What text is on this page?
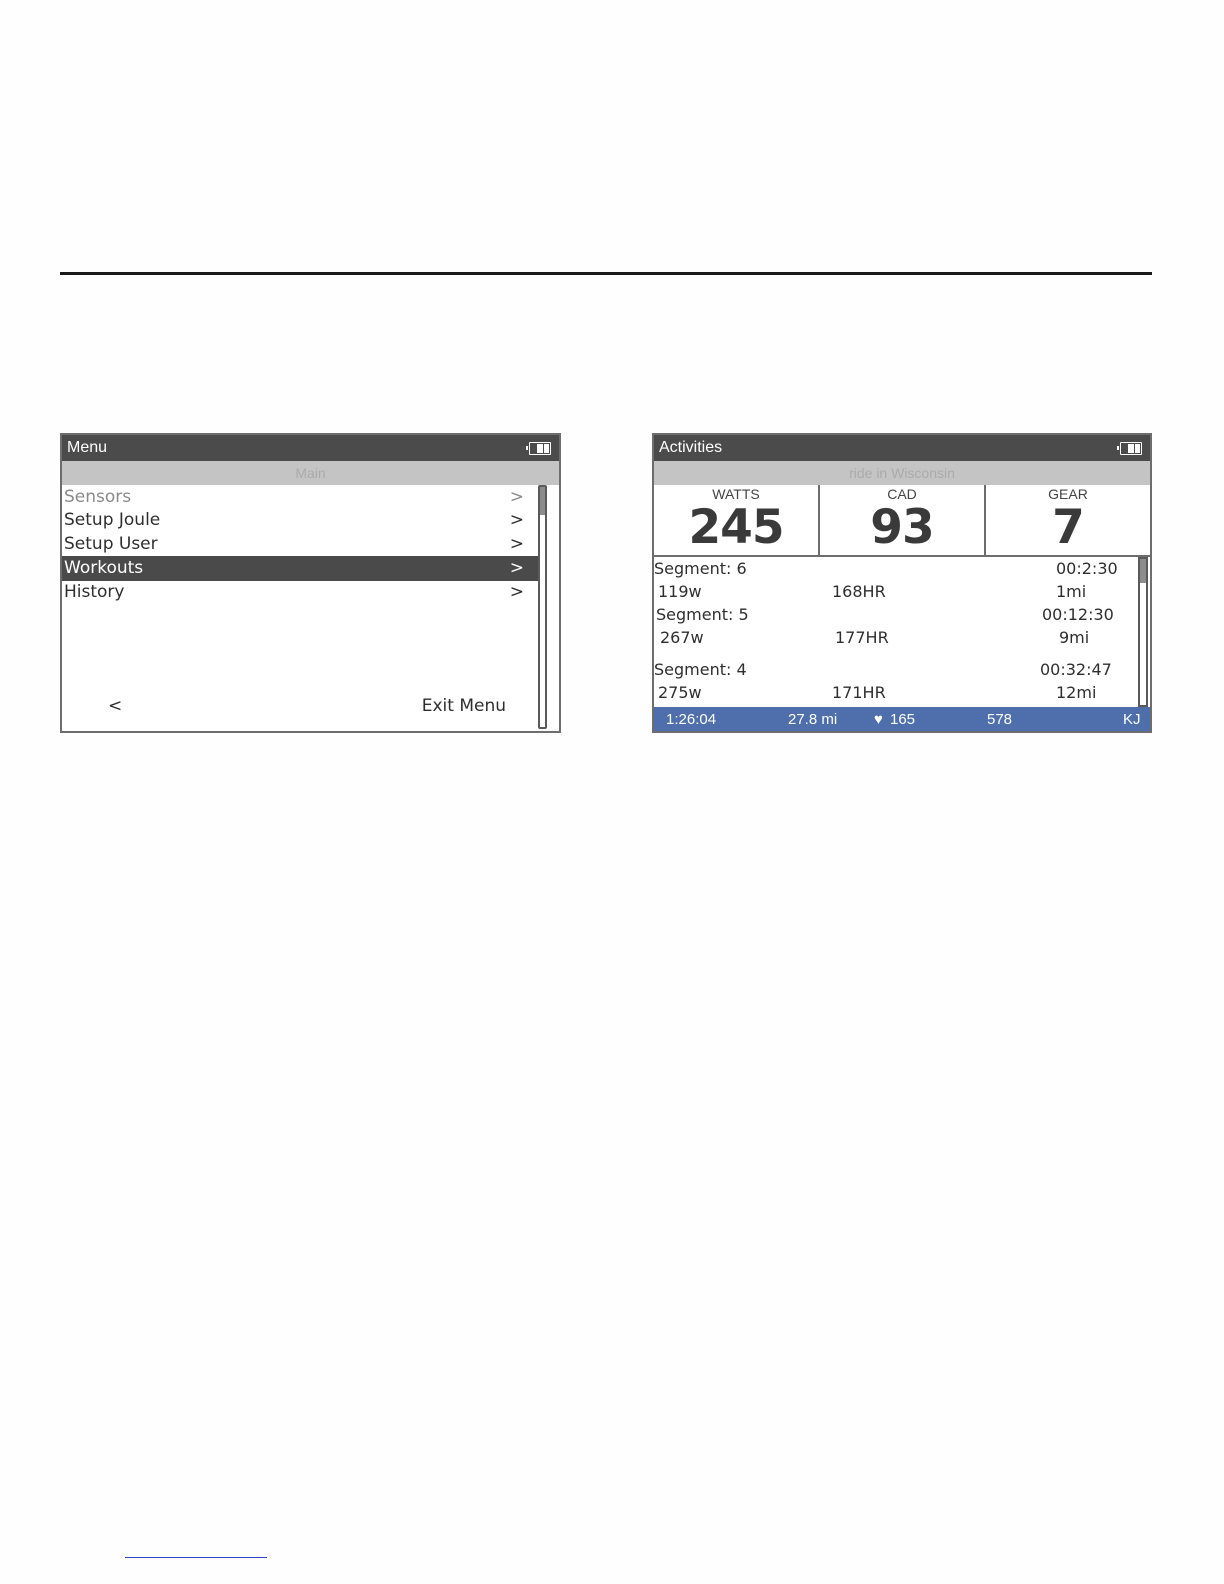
Menu
Main
Sensors	>
Setup Joule	>
Setup User	>
Workouts	>
History	>
<	Exit Menu
Activities
ride in Wisconsin
WATTS
245
CAD
93
GEAR
7
Segment: 6	00:2:30
119w	168HR	1mi
Segment: 5	00:12:30
267w	177HR	9mi
Segment: 4	00:32:47
275w	171HR	12mi
1:26:04	27.8 mi ♥ 165	578	KJ
